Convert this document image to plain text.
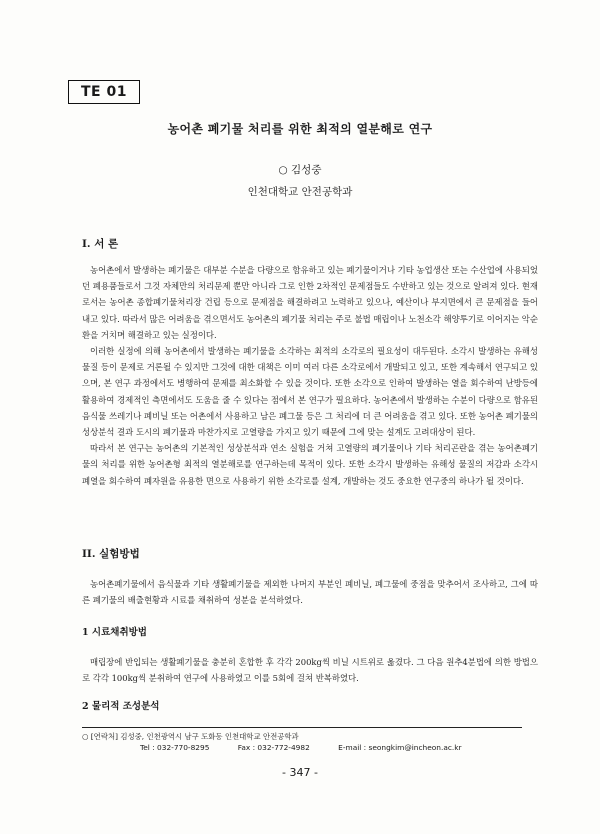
TE 01
농어촌 폐기물 처리를 위한 최적의 열분해로 연구
○ 김성중
인천대학교 안전공학과
I. 서 론

농어촌에서 발생하는 폐기물은 대부분 수분을 다량으로 함유하고 있는 폐기물이거나 기타 농업생산 또는 수산업에 사용되었던 폐용품들로서 그것 자체만의 처리문제 뿐만 아니라 그로 인한 2차적인 문제점들도 수반하고 있는 것으로 알려져 있다. 현재로서는 농어촌 종합폐기물처리장 건립 등으로 문제점을 해결하려고 노력하고 있으나, 예산이나 부지면에서 큰 문제점을 들어내고 있다. 따라서 많은 어려움을 겪으면서도 농어촌의 폐기물 처리는 주로 불법 매립이나 노천소각 해양투기로 이어지는 악순환을 거치며 해결하고 있는 실정이다.

이러한 실정에 의해 농어촌에서 발생하는 폐기물을 소각하는 최적의 소각로의 필요성이 대두된다. 소각시 발생하는 유해성물질 등이 문제로 거론될 수 있지만 그것에 대한 대책은 이미 여러 다른 소각로에서 개발되고 있고, 또한 계속해서 연구되고 있으며, 본 연구 과정에서도 병행하여 문제를 최소화할 수 있을 것이다. 또한 소각으로 인하여 발생하는 열을 회수하여 난방등에 활용하여 경제적인 측면에서도 도움을 줄 수 있다는 점에서 본 연구가 필요하다. 농어촌에서 발생하는 수분이 다량으로 함유된 음식물 쓰레기나 폐비닐 또는 어촌에서 사용하고 남은 폐그물 등은 그 처리에 더 큰 어려움을 겪고 있다. 또한 농어촌 폐기물의 성상분석 결과 도시의 폐기물과 마찬가지로 고열량을 가지고 있기 때문에 그에 맞는 설계도 고려대상이 된다.

따라서 본 연구는 농어촌의 기본적인 성상분석과 연소 실험을 거쳐 고열량의 폐기물이나 기타 처리곤란을 겪는 농어촌폐기물의 처리를 위한 농어촌형 최적의 열분해로를 연구하는데 목적이 있다. 또한 소각시 발생하는 유해성 물질의 저감과 소각시 폐열을 회수하여 폐자원을 유용한 면으로 사용하기 위한 소각로를 설계, 개발하는 것도 중요한 연구중의 하나가 될 것이다.

II. 실험방법

농어촌폐기물에서 음식물과 기타 생활폐기물을 제외한 나머지 부분인 폐비닐, 폐그물에 중점을 맞추어서 조사하고, 그에 따른 폐기물의 배출현황과 시료를 채취하여 성분을 분석하였다.

1 시료채취방법

매립장에 반입되는 생활폐기물을 충분히 혼합한 후 각각 200kg씩 비닐 시트위로 옮겼다. 그 다음 원추4분법에 의한 방법으로 각각 100kg씩 분취하여 연구에 사용하였고 이를 5회에 걸쳐 반복하였다.

2 물리적 조성분석
○ [연락처] 김성중, 인천광역시 남구 도화동 인천대학교 안전공학과
Tel : 032-770-8295	Fax : 032-772-4982	E-mail : seongkim@incheon.ac.kr
- 347 -
